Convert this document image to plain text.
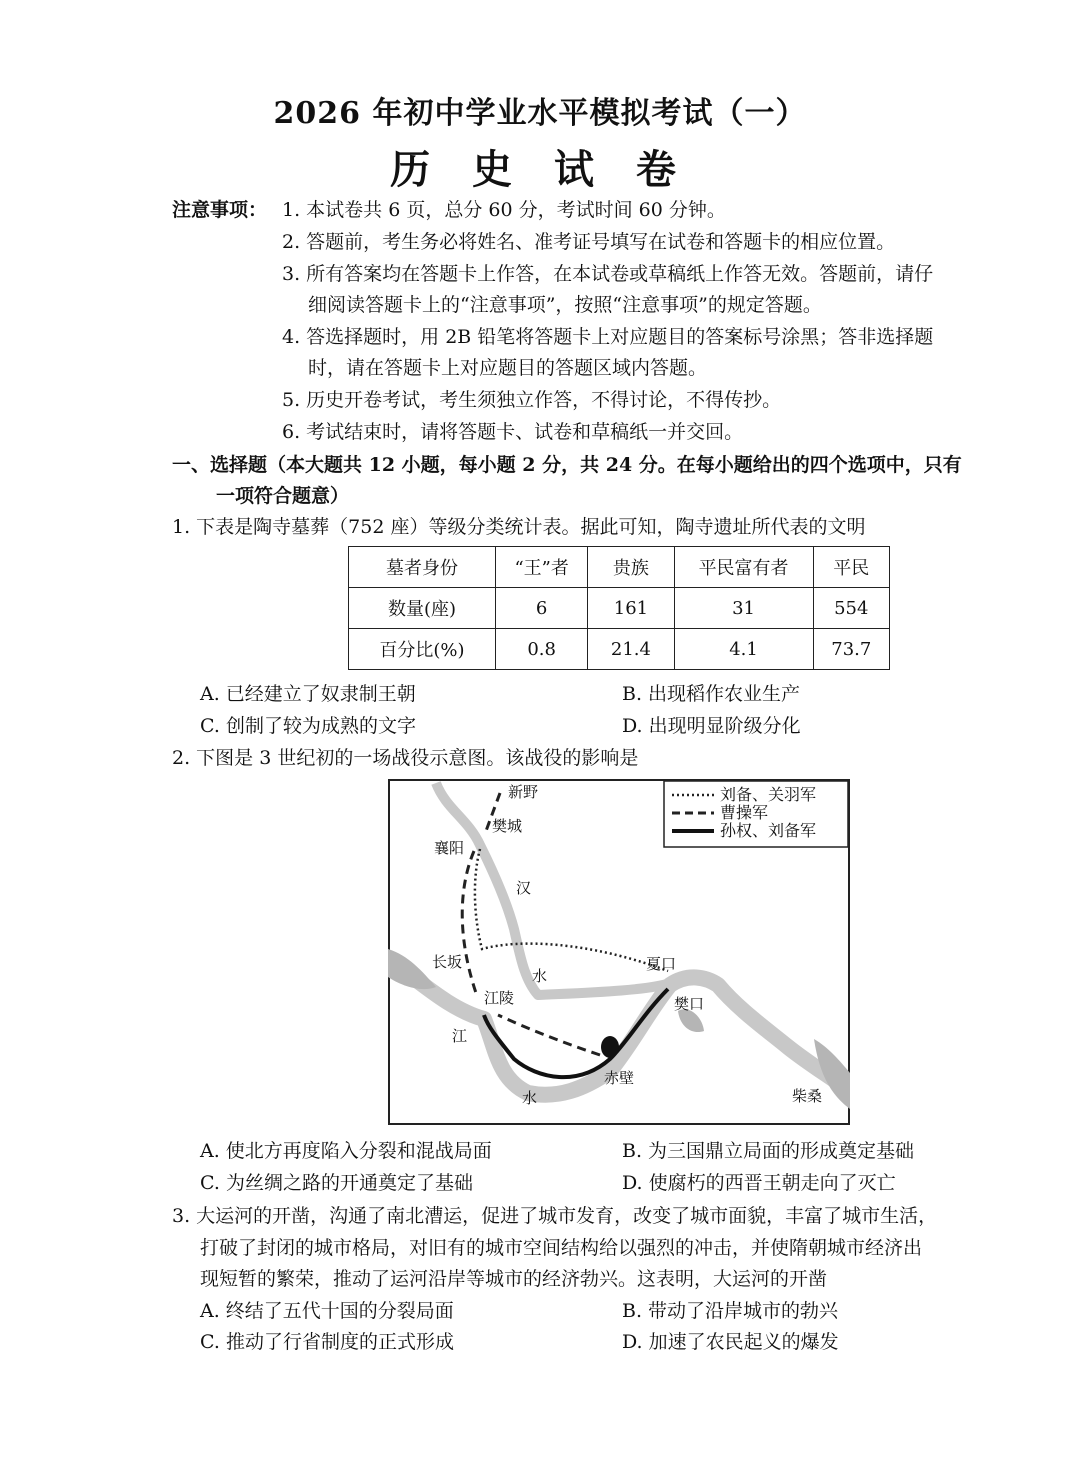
2026 年初中学业水平模拟考试（一）
历 史 试 卷
注意事项： 1. 本试卷共 6 页，总分 60 分，考试时间 60 分钟。
2. 答题前，考生务必将姓名、准考证号填写在试卷和答题卡的相应位置。
3. 所有答案均在答题卡上作答，在本试卷或草稿纸上作答无效。答题前，请仔
细阅读答题卡上的“注意事项”，按照“注意事项”的规定答题。
4. 答选择题时，用 2B 铅笔将答题卡上对应题目的答案标号涂黑；答非选择题
时，请在答题卡上对应题目的答题区域内答题。
5. 历史开卷考试，考生须独立作答，不得讨论，不得传抄。
6. 考试结束时，请将答题卡、试卷和草稿纸一并交回。
一、选择题（本大题共 12 小题，每小题 2 分，共 24 分。在每小题给出的四个选项中，只有
一项符合题意）
1. 下表是陶寺墓葬（752 座）等级分类统计表。据此可知，陶寺遗址所代表的文明
墓者身份	“王”者	贵族	平民富有者	平民
数量(座)	6	161	31	554
百分比(%)	0.8	21.4	4.1	73.7
A. 已经建立了奴隶制王朝	B. 出现稻作农业生产
C. 创制了较为成熟的文字	D. 出现明显阶级分化
2. 下图是 3 世纪初的一场战役示意图。该战役的影响是
刘备、关羽军
曹操军
孙权、刘备军
新野
樊城
襄阳
汉
长坂
水
夏口
江陵
江
樊口
赤壁
水	柴桑
A. 使北方再度陷入分裂和混战局面	B. 为三国鼎立局面的形成奠定基础
C. 为丝绸之路的开通奠定了基础	D. 使腐朽的西晋王朝走向了灭亡
3. 大运河的开凿，沟通了南北漕运，促进了城市发育，改变了城市面貌，丰富了城市生活，
打破了封闭的城市格局，对旧有的城市空间结构给以强烈的冲击，并使隋朝城市经济出
现短暂的繁荣，推动了运河沿岸等城市的经济勃兴。这表明，大运河的开凿
A. 终结了五代十国的分裂局面	B. 带动了沿岸城市的勃兴
C. 推动了行省制度的正式形成	D. 加速了农民起义的爆发
